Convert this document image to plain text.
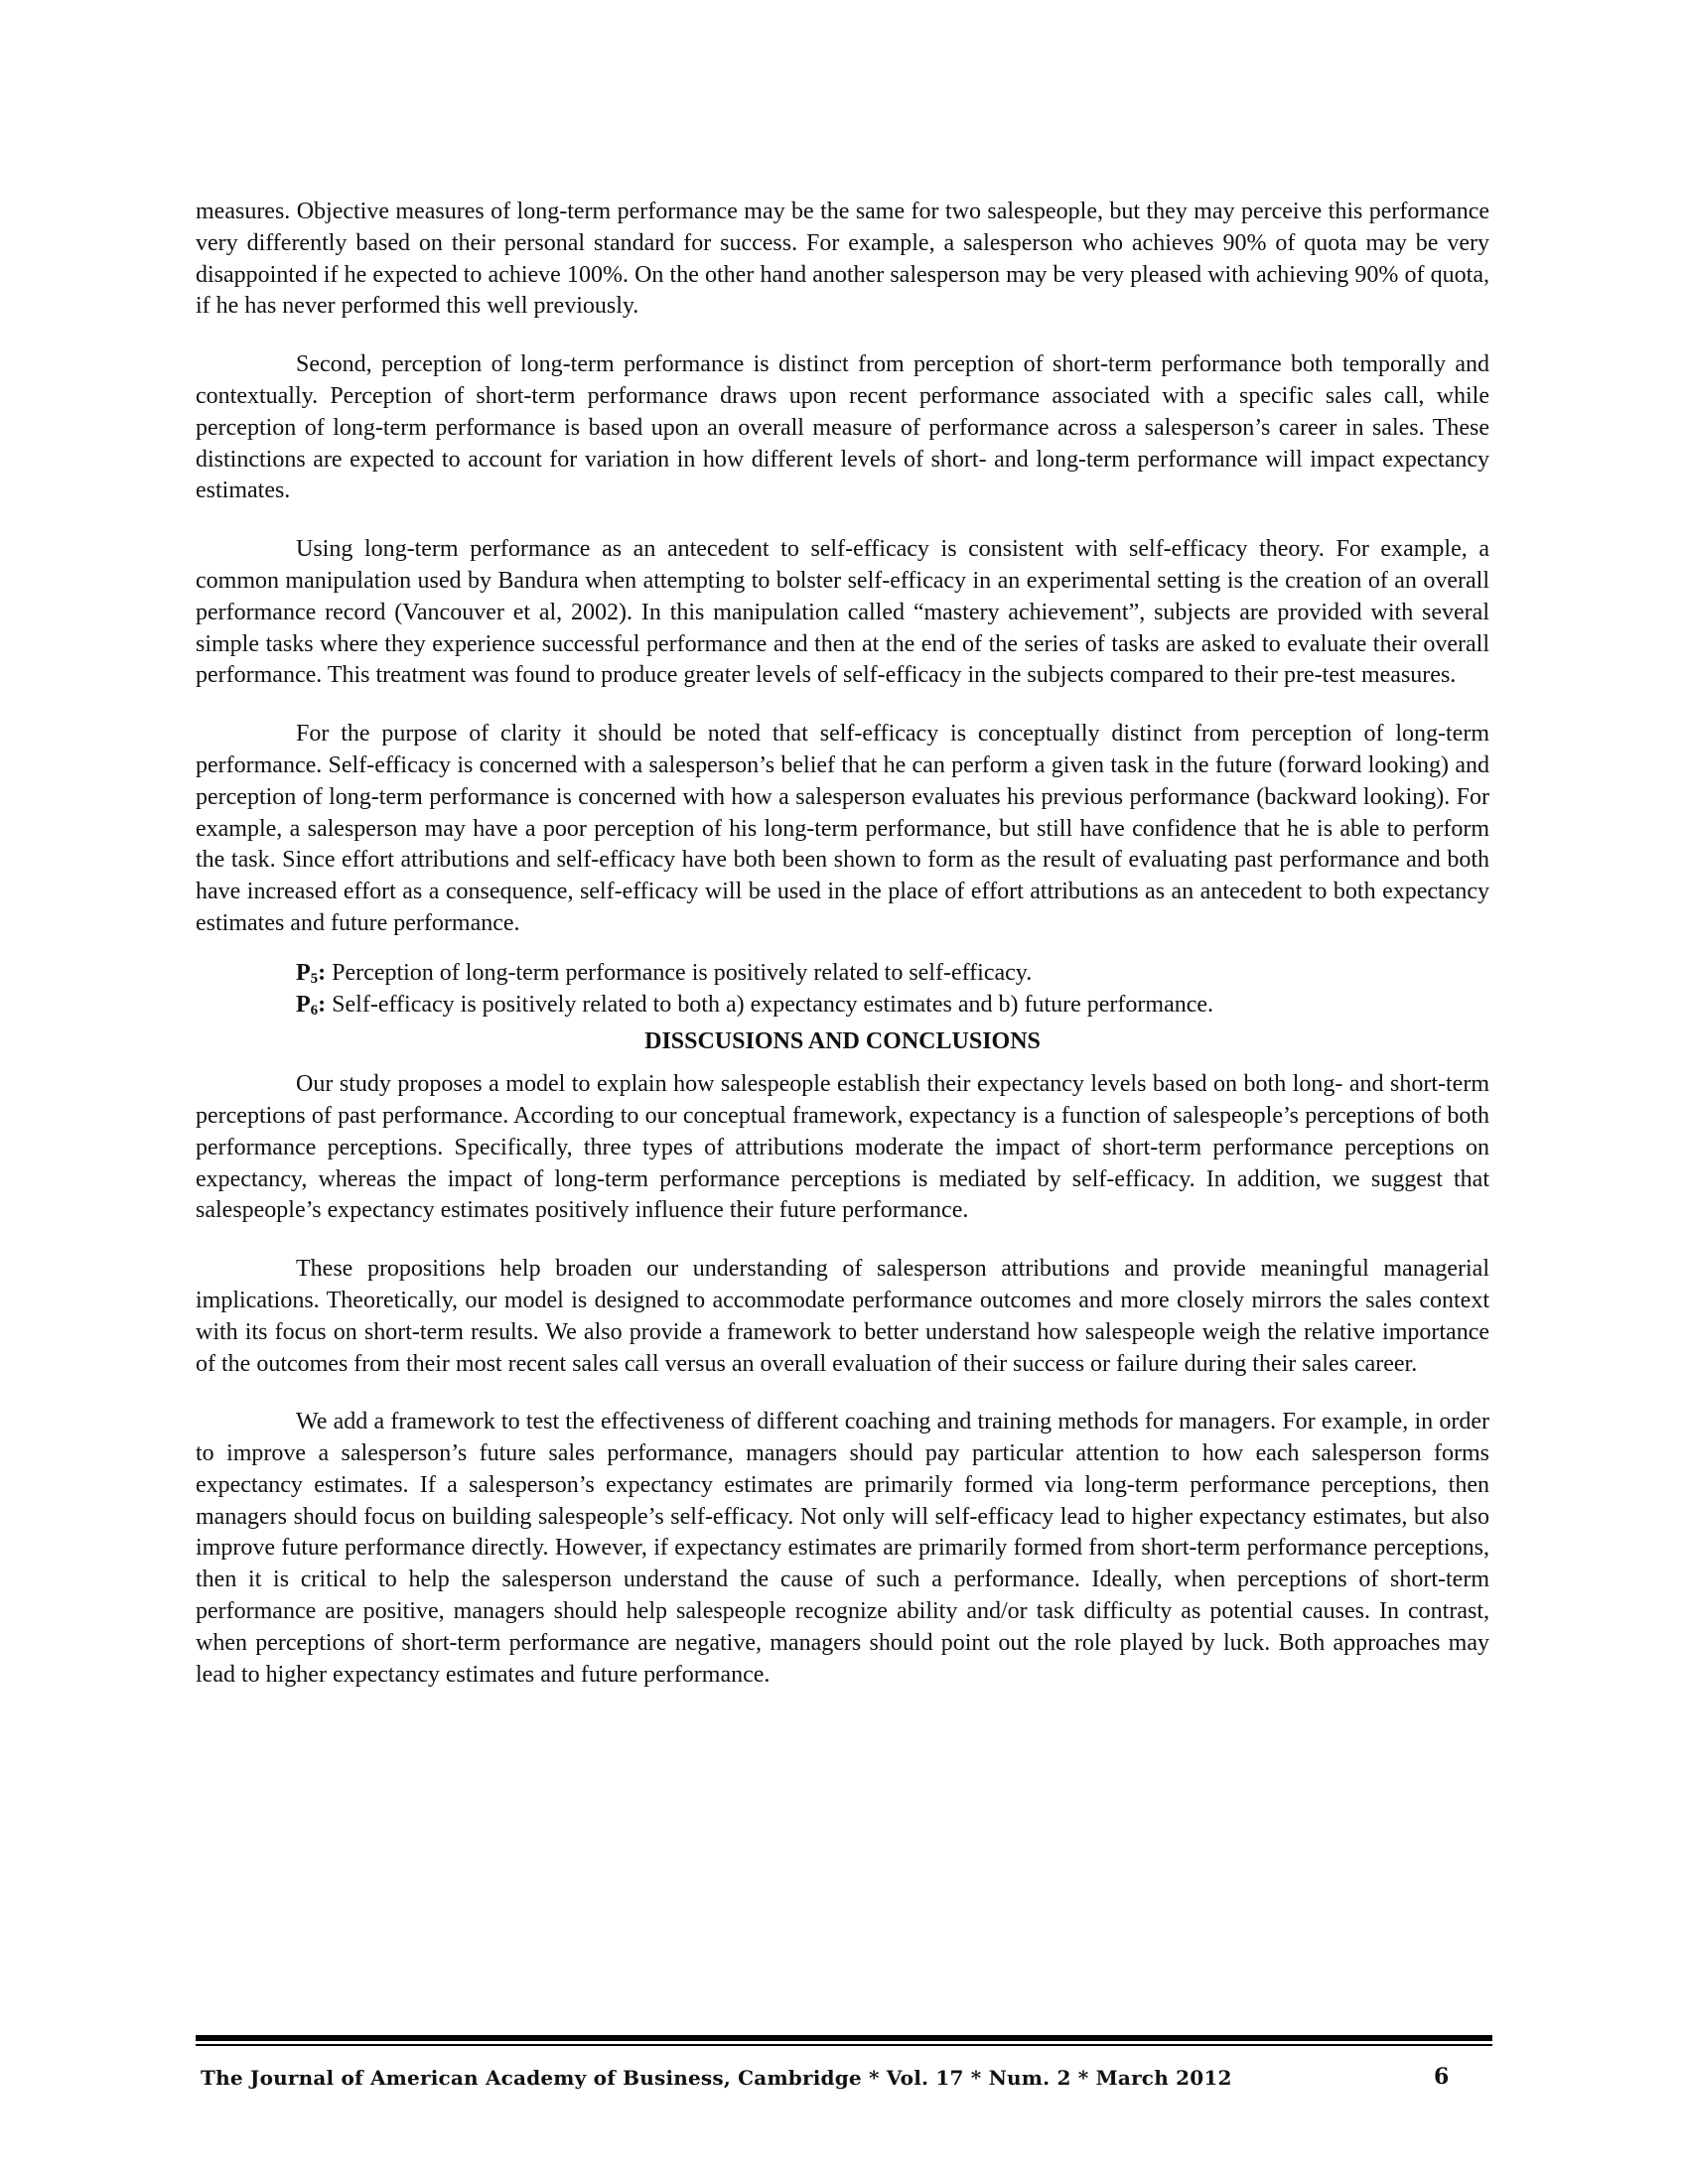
measures. Objective measures of long-term performance may be the same for two salespeople, but they may perceive this performance very differently based on their personal standard for success. For example, a salesperson who achieves 90% of quota may be very disappointed if he expected to achieve 100%. On the other hand another salesperson may be very pleased with achieving 90% of quota, if he has never performed this well previously.

Second, perception of long-term performance is distinct from perception of short-term performance both temporally and contextually. Perception of short-term performance draws upon recent performance associated with a specific sales call, while perception of long-term performance is based upon an overall measure of performance across a salesperson’s career in sales. These distinctions are expected to account for variation in how different levels of short- and long-term performance will impact expectancy estimates.

Using long-term performance as an antecedent to self-efficacy is consistent with self-efficacy theory. For example, a common manipulation used by Bandura when attempting to bolster self-efficacy in an experimental setting is the creation of an overall performance record (Vancouver et al, 2002). In this manipulation called “mastery achievement”, subjects are provided with several simple tasks where they experience successful performance and then at the end of the series of tasks are asked to evaluate their overall performance. This treatment was found to produce greater levels of self-efficacy in the subjects compared to their pre-test measures.

For the purpose of clarity it should be noted that self-efficacy is conceptually distinct from perception of long-term performance. Self-efficacy is concerned with a salesperson’s belief that he can perform a given task in the future (forward looking) and perception of long-term performance is concerned with how a salesperson evaluates his previous performance (backward looking). For example, a salesperson may have a poor perception of his long-term performance, but still have confidence that he is able to perform the task. Since effort attributions and self-efficacy have both been shown to form as the result of evaluating past performance and both have increased effort as a consequence, self-efficacy will be used in the place of effort attributions as an antecedent to both expectancy estimates and future performance.

$P_5$: Perception of long-term performance is positively related to self-efficacy.

$P_6$: Self-efficacy is positively related to both a) expectancy estimates and b) future performance.

DISSCUSIONS AND CONCLUSIONS

Our study proposes a model to explain how salespeople establish their expectancy levels based on both long- and short-term perceptions of past performance. According to our conceptual framework, expectancy is a function of salespeople’s perceptions of both performance perceptions. Specifically, three types of attributions moderate the impact of short-term performance perceptions on expectancy, whereas the impact of long-term performance perceptions is mediated by self-efficacy. In addition, we suggest that salespeople’s expectancy estimates positively influence their future performance.

These propositions help broaden our understanding of salesperson attributions and provide meaningful managerial implications. Theoretically, our model is designed to accommodate performance outcomes and more closely mirrors the sales context with its focus on short-term results. We also provide a framework to better understand how salespeople weigh the relative importance of the outcomes from their most recent sales call versus an overall evaluation of their success or failure during their sales career.

We add a framework to test the effectiveness of different coaching and training methods for managers. For example, in order to improve a salesperson’s future sales performance, managers should pay particular attention to how each salesperson forms expectancy estimates. If a salesperson’s expectancy estimates are primarily formed via long-term performance perceptions, then managers should focus on building salespeople’s self-efficacy. Not only will self-efficacy lead to higher expectancy estimates, but also improve future performance directly. However, if expectancy estimates are primarily formed from short-term performance perceptions, then it is critical to help the salesperson understand the cause of such a performance. Ideally, when perceptions of short-term performance are positive, managers should help salespeople recognize ability and/or task difficulty as potential causes. In contrast, when perceptions of short-term performance are negative, managers should point out the role played by luck. Both approaches may lead to higher expectancy estimates and future performance.

The Journal of American Academy of Business, Cambridge * Vol. 17 * Num. 2 * March 2012	6
